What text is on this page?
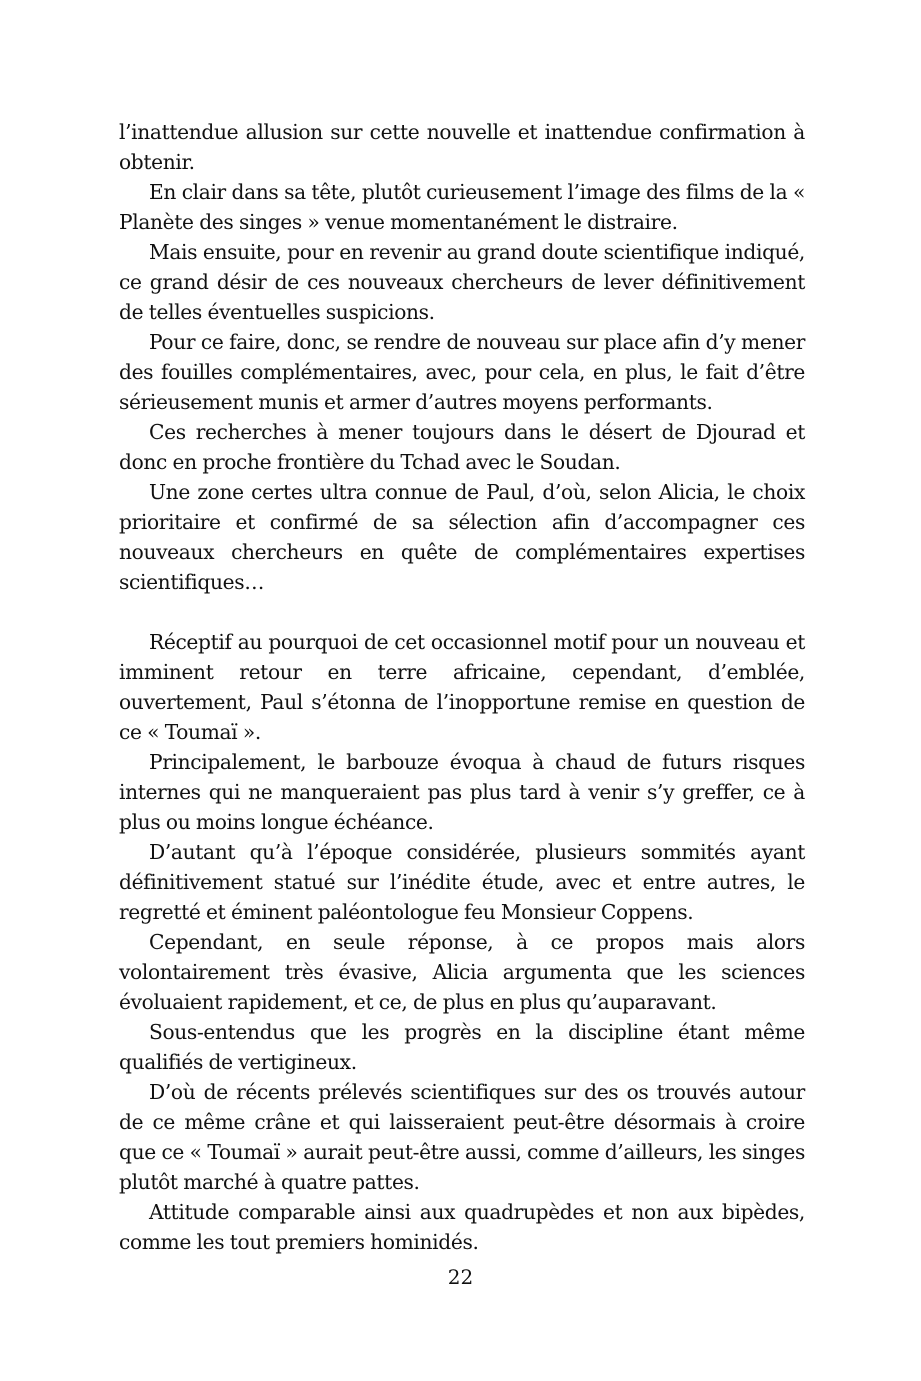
l’inattendue allusion sur cette nouvelle et inattendue confirmation à obtenir.

En clair dans sa tête, plutôt curieusement l’image des films de la « Planète des singes » venue momentanément le distraire.

Mais ensuite, pour en revenir au grand doute scientifique indiqué, ce grand désir de ces nouveaux chercheurs de lever définitivement de telles éventuelles suspicions.

Pour ce faire, donc, se rendre de nouveau sur place afin d’y mener des fouilles complémentaires, avec, pour cela, en plus, le fait d’être sérieusement munis et armer d’autres moyens performants.

Ces recherches à mener toujours dans le désert de Djourad et donc en proche frontière du Tchad avec le Soudan.

Une zone certes ultra connue de Paul, d’où, selon Alicia, le choix prioritaire et confirmé de sa sélection afin d’accompagner ces nouveaux chercheurs en quête de complémentaires expertises scientifiques…

Réceptif au pourquoi de cet occasionnel motif pour un nouveau et imminent retour en terre africaine, cependant, d’emblée, ouvertement, Paul s’étonna de l’inopportune remise en question de ce « Toumaï ».

Principalement, le barbouze évoqua à chaud de futurs risques internes qui ne manqueraient pas plus tard à venir s’y greffer, ce à plus ou moins longue échéance.

D’autant qu’à l’époque considérée, plusieurs sommités ayant définitivement statué sur l’inédite étude, avec et entre autres, le regretté et éminent paléontologue feu Monsieur Coppens.

Cependant, en seule réponse, à ce propos mais alors volontairement très évasive, Alicia argumenta que les sciences évoluaient rapidement, et ce, de plus en plus qu’auparavant.

Sous-entendus que les progrès en la discipline étant même qualifiés de vertigineux.

D’où de récents prélevés scientifiques sur des os trouvés autour de ce même crâne et qui laisseraient peut-être désormais à croire que ce « Toumaï » aurait peut-être aussi, comme d’ailleurs, les singes plutôt marché à quatre pattes.

Attitude comparable ainsi aux quadrupèdes et non aux bipèdes, comme les tout premiers hominidés.

22
